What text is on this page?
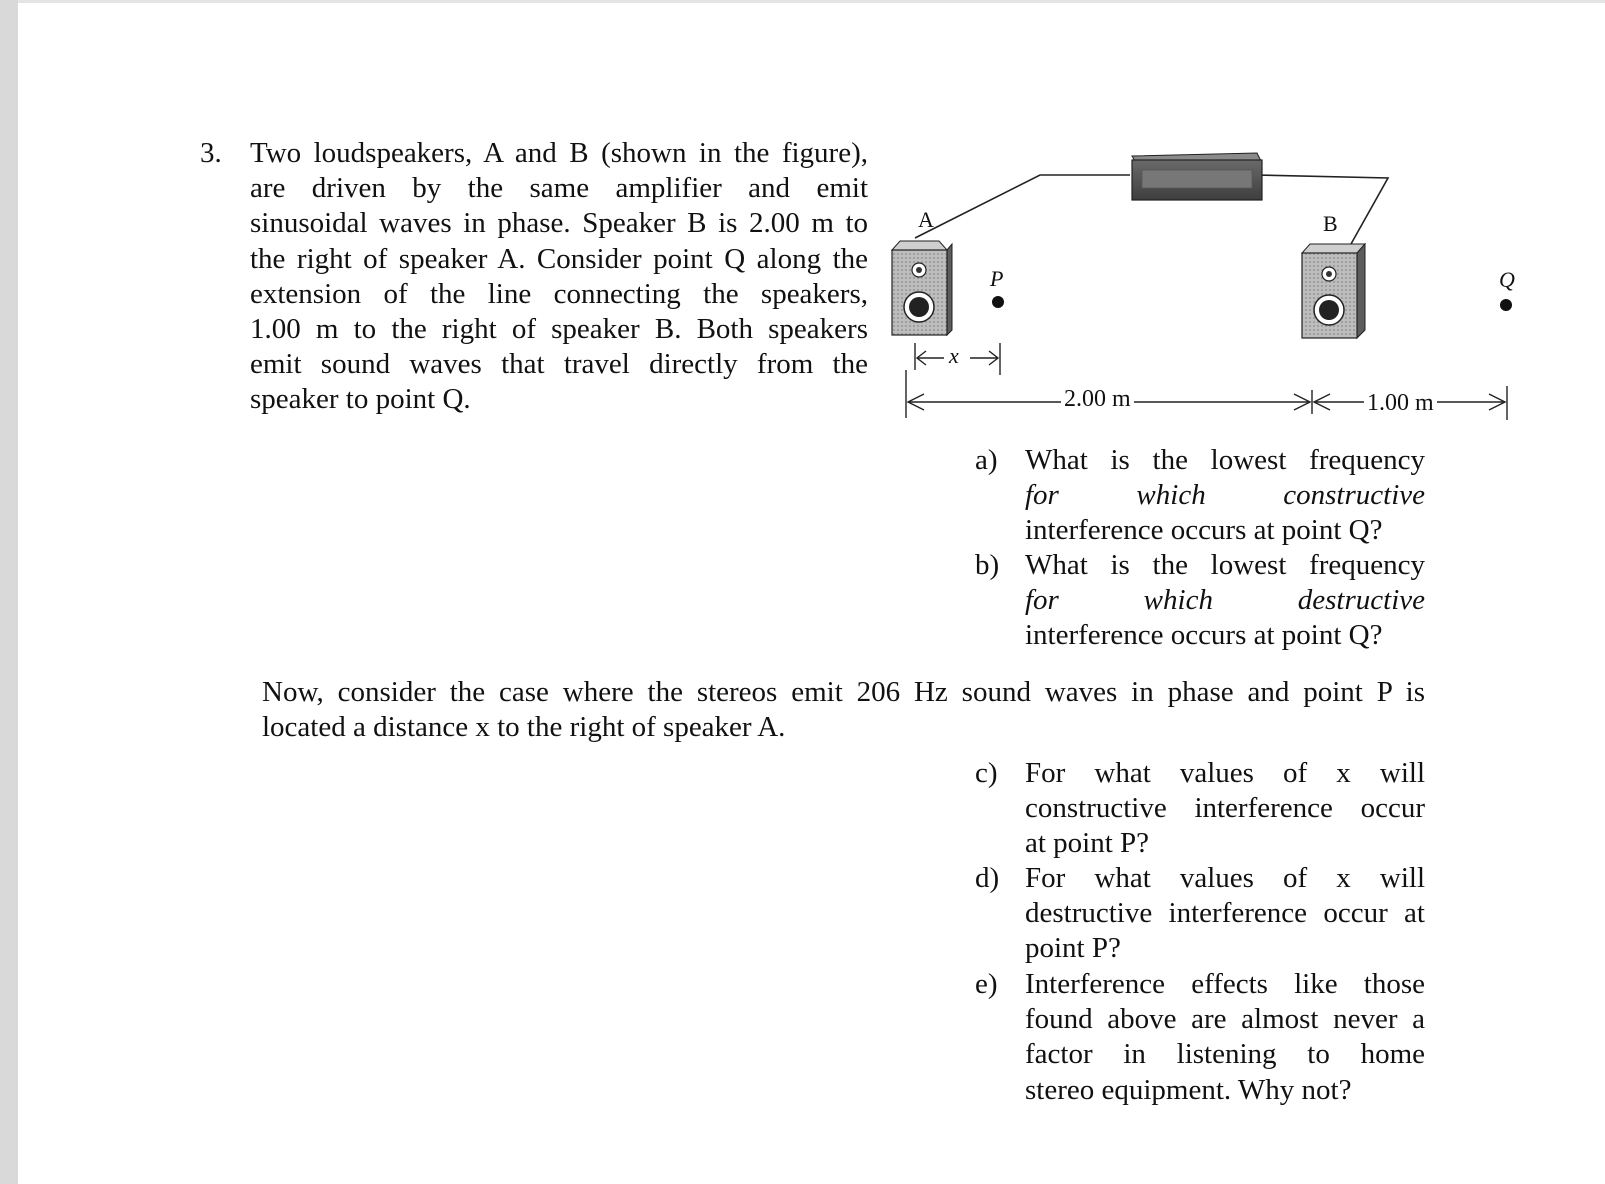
3. Two loudspeakers, A and B (shown in the figure),
are driven by the same amplifier and emit
sinusoidal waves in phase. Speaker B is 2.00 m to
the right of speaker A. Consider point Q along the
extension of the line connecting the speakers,
1.00 m to the right of speaker B. Both speakers
emit sound waves that travel directly from the
speaker to point Q.
A	B
P	Q
x
2.00 m	1.00 m
a) What is the lowest frequency
for which constructive
interference occurs at point Q?
b) What is the lowest frequency
for which destructive
interference occurs at point Q?
Now, consider the case where the stereos emit 206 Hz sound waves in phase and point P is
located a distance x to the right of speaker A.
c) For what values of x will
constructive interference occur
at point P?
d) For what values of x will
destructive interference occur at
point P?
e) Interference effects like those
found above are almost never a
factor in listening to home
stereo equipment. Why not?
